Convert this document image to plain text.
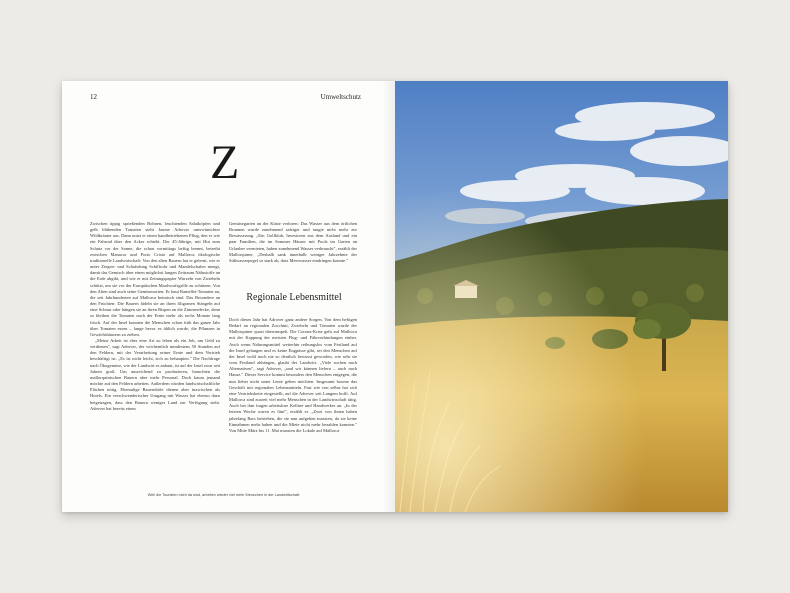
12	Umweltschutz
Z

Zwischen üppig sprießenden Bohnen, leuchtenden Salatköpfen und gelb blühenden Tomaten steht Jaume Adrover unerwünschter Wildkräuter aus. Dann nutzt er einen handbetriebenen Pflug, den er wie ein Fahrrad über den Acker schiebt. Der 45-Jährige, mit Hut zum Schutz vor der Sonne, die schon vormittags heftig brennt, betreibt zwischen Manacor und Porto Cristo auf Mallorca ökologische traditionelle Landwirtschaft: Von den alten Bauern hat er gelernt, wie er unter Ziegen- und Schafsdung Schilfrohr und Mandelschalen mengt, damit das Gemisch über einen möglichst langen Zeitraum Nährstoffe an die Erde abgibt, und wie er mit Zeitungspapier Wurzeln von Zwiebeln schützt, um sie vor der Europäischen Maulwurfsgrille zu schützen. Von den Alten sind auch seine Gemüsesorten: Er baut Ramellet-Tomaten an, die seit Jahrhunderten auf Mallorca heimisch sind. Das Besondere an den Früchten: Die Bauern fädeln sie an ihren filigranen Stängeln auf eine Schnur oder hängen sie an ihren Rispen an die Zimmerdecke, denn so bleiben die Tomaten nach der Ernte mehr als sechs Monate lang frisch. Auf der Insel konnten die Menschen schon früh das ganze Jahr über Tomaten essen – lange bevor es üblich wurde, die Pflanzen in Gewächshäusern zu ziehen.

„Meine Arbeit ist eher eine Art zu leben als ein Job, um Geld zu verdienen", sagt Adrover, der wöchentlich mindestens 50 Stunden auf den Feldern, mit der Verarbeitung seiner Ernte und dem Vertrieb beschäftigt ist. „Es ist nicht leicht, sich zu behaupten." Die Nachfrage nach Ökogemüse, wie der Landwirt es anbaut, ist auf der Insel zwar seit Jahren groß. Um ausreichend zu produzieren, brauchten die mallorquinischen Bauern aber mehr Personal. Doch kaum jemand möchte auf den Feldern arbeiten. Außerdem würden landwirtschaftliche Flächen nötig. Ehemalige Bauernhöfe dienen aber inzwischen als Hotels. Ein verschwenderischer Umgang mit Wasser hat ebenso dazu beigetragen, dass den Bauern weniger Land zur Verfügung steht. Adrover hat bereits einen

Gemüsegarten an der Küste verloren: Das Wasser aus dem örtlichen Brunnen wurde zunehmend salziger und taugte nicht mehr zur Bewässerung. „Ein Golfklub, Investoren aus dem Ausland und ein paar Familien, die im Sommer Häuser mit Pools im Garten an Urlauber vermieten, haben zunehmend Wasser verbraucht", erzählt der Mallorquiner. „Deshalb sank innerhalb weniger Jahrzehnte der Süßwasserpegel so stark ab, dass Meerwasser eindringen konnte."

Regionale Lebensmittel

Doch dieses Jahr hat Adrover ganz andere Sorgen. Von dem heftigen Bedarf an regionalen Zucchini, Zwiebeln und Tomaten wurde der Mallorquiner quasi überrumpelt. Die Corona-Krise geht auf Mallorca mit der Kappung der meisten Flug- und Fährverbindungen einher. Auch wenn Nahrungsmittel weiterhin reibungslos vom Festland auf die Insel gelangen und es keine Engpässe gibt, sei den Menschen auf der Insel wohl noch nie so deutlich bewusst geworden, wie sehr sie vom Festland abhängen, glaubt der Landwirt. „Viele suchen nach Alternativen", sagt Adrover, „und wir können liefern – auch nach Hause." Dieser Service kommt besonders den Menschen entgegen, die nun lieber nicht unter Leute gehen möchten. Insgesamt boome das Geschäft mit regionalen Lebensmitteln. Fast wie von selbst hat sich eine Vertriebskette eingestellt, auf die Adrover seit Langem hofft. Auf Mallorca sind zurzeit viel mehr Menschen in der Landwirtschaft tätig. Auch bei ihm fragen arbeitslose Kellner und Handwerker an. „In der letzten Woche waren es fünf", erzählt er. „Zwei von ihnen haben jahrelang Bars betrieben, die sie nun aufgeben mussten, da sie keine Einnahmen mehr haben und die Miete nicht mehr bezahlen konnten." Von Mitte März bis 11. Mai mussten die Lokale auf Mallorca

Weil die Touristen nicht da sind, arbeiten wieder viel mehr Menschen in der Landwirtschaft.
